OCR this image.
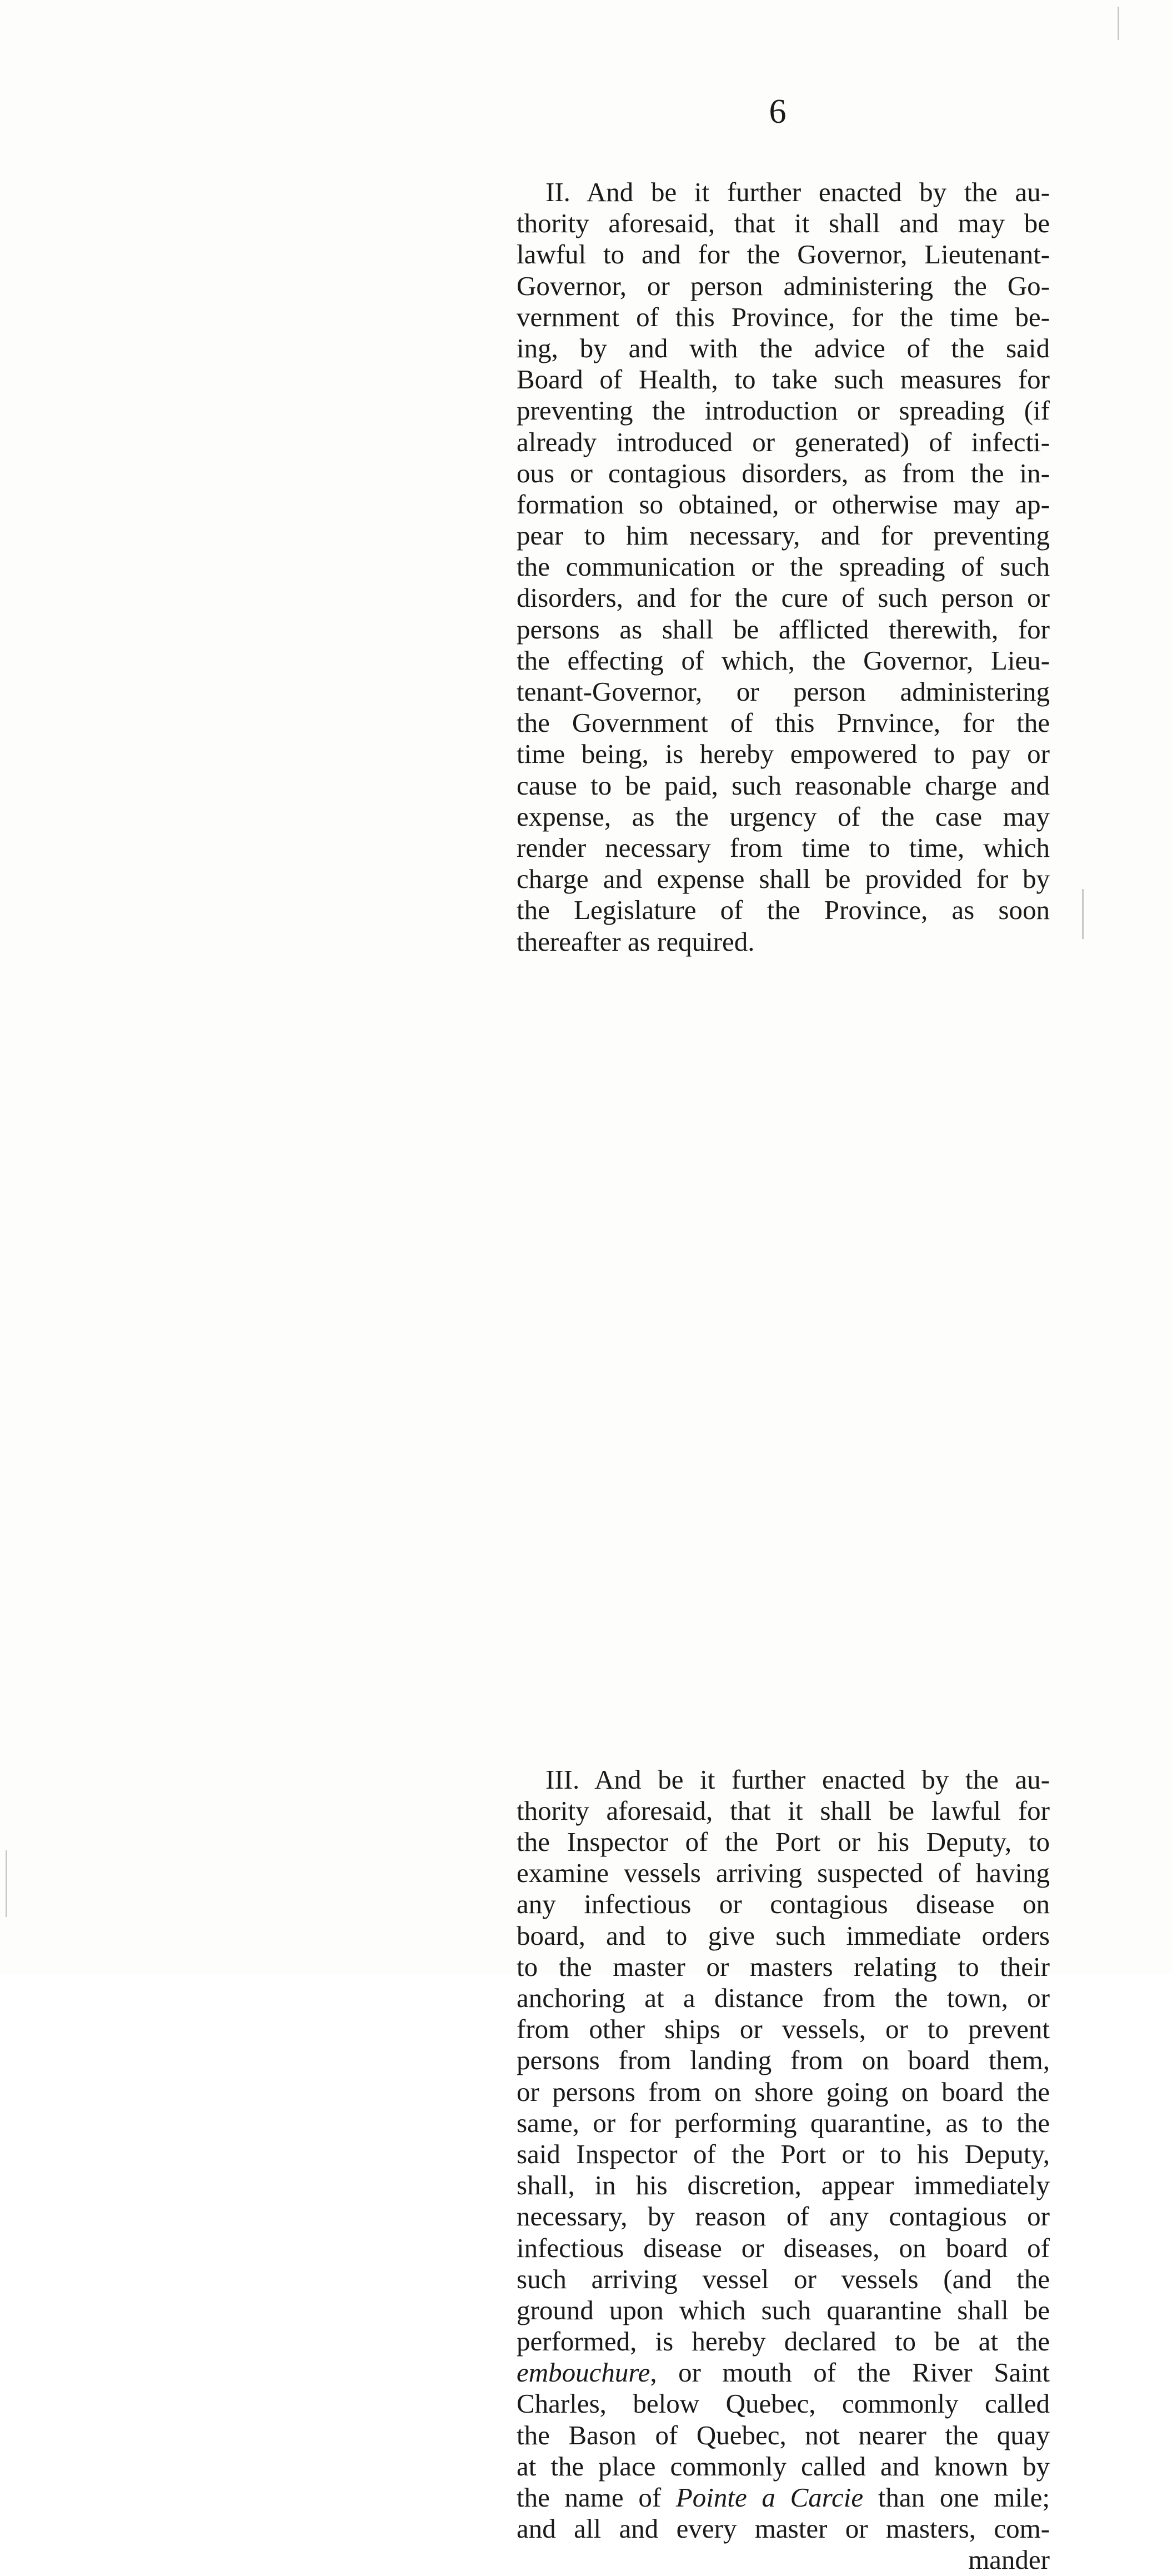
6
II. And be it further enacted by the au-
thority aforesaid, that it shall and may be
lawful to and for the Governor, Lieutenant-
Governor, or person administering the Go-
vernment of this Province, for the time be-
ing, by and with the advice of the said
Board of Health, to take such measures for
preventing the introduction or spreading (if
already introduced or generated) of infecti-
ous or contagious disorders, as from the in-
formation so obtained, or otherwise may ap-
pear to him necessary, and for preventing
the communication or the spreading of such
disorders, and for the cure of such person or
persons as shall be afflicted therewith, for
the effecting of which, the Governor, Lieu-
tenant-Governor, or person administering
the Government of this Prnvince, for the
time being, is hereby empowered to pay or
cause to be paid, such reasonable charge and
expense, as the urgency of the case may
render necessary from time to time, which
charge and expense shall be provided for by
the Legislature of the Province, as soon
thereafter as required.
III. And be it further enacted by the au-
thority aforesaid, that it shall be lawful for
the Inspector of the Port or his Deputy, to
examine vessels arriving suspected of having
any infectious or contagious disease on
board, and to give such immediate orders
to the master or masters relating to their
anchoring at a distance from the town, or
from other ships or vessels, or to prevent
persons from landing from on board them,
or persons from on shore going on board the
same, or for performing quarantine, as to the
said Inspector of the Port or to his Deputy,
shall, in his discretion, appear immediately
necessary, by reason of any contagious or
infectious disease or diseases, on board of
such arriving vessel or vessels (and the
ground upon which such quarantine shall be
performed, is hereby declared to be at the
embouchure, or mouth of the River Saint
Charles, below Quebec, commonly called
the Bason of Quebec, not nearer the quay
at the place commonly called and known by
the name of Pointe a Carcie than one mile;
and all and every master or masters, com-
mander
